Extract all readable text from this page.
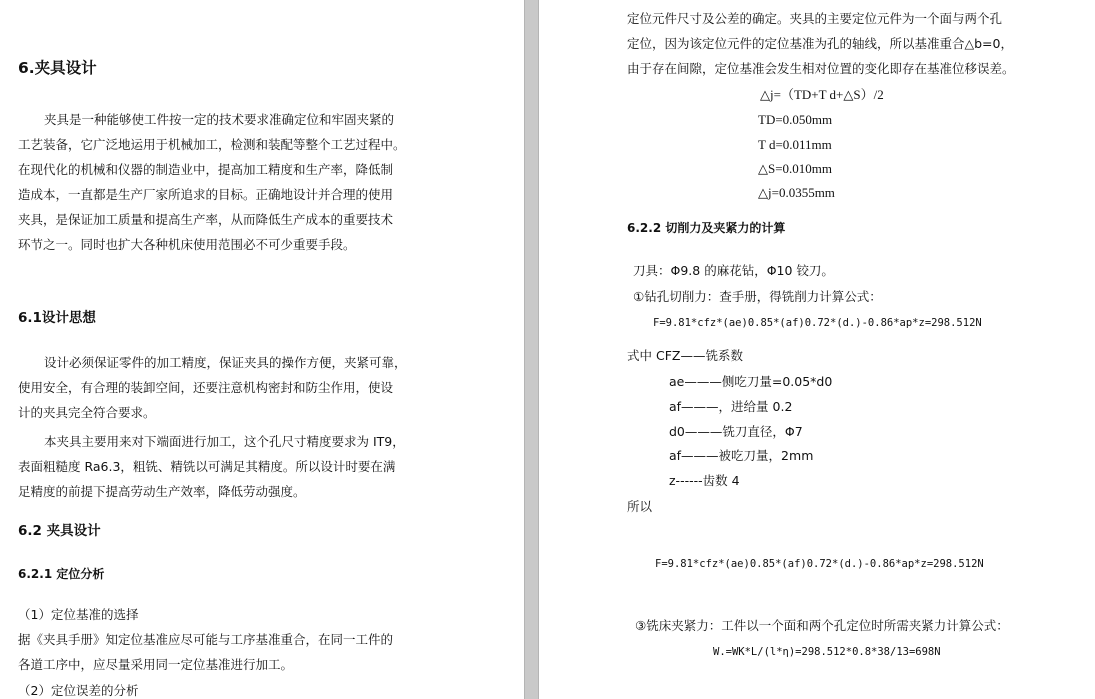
6.夹具设计
夹具是一种能够使工件按一定的技术要求准确定位和牢固夹紧的
工艺装备，它广泛地运用于机械加工，检测和装配等整个工艺过程中。
在现代化的机械和仪器的制造业中，提高加工精度和生产率，降低制
造成本，一直都是生产厂家所追求的目标。正确地设计并合理的使用
夹具，是保证加工质量和提高生产率，从而降低生产成本的重要技术
环节之一。同时也扩大各种机床使用范围必不可少重要手段。
6.1设计思想
设计必须保证零件的加工精度，保证夹具的操作方便，夹紧可靠，
使用安全，有合理的装卸空间，还要注意机构密封和防尘作用，使设
计的夹具完全符合要求。
本夹具主要用来对下端面进行加工，这个孔尺寸精度要求为 IT9，
表面粗糙度 Ra6.3，粗铣、精铣以可满足其精度。所以设计时要在满
足精度的前提下提高劳动生产效率，降低劳动强度。
6.2 夹具设计
6.2.1 定位分析
（1）定位基准的选择
据《夹具手册》知定位基准应尽可能与工序基准重合，在同一工件的
各道工序中，应尽量采用同一定位基准进行加工。
（2）定位误差的分析
定位元件尺寸及公差的确定。夹具的主要定位元件为一个面与两个孔
定位，因为该定位元件的定位基准为孔的轴线，所以基准重合△b=0，
由于存在间隙，定位基准会发生相对位置的变化即存在基准位移误差。
△j=（TD+T d+△S）/2
TD=0.050mm
T d=0.011mm
△S=0.010mm
△j=0.0355mm
6.2.2 切削力及夹紧力的计算
刀具：Φ9.8 的麻花钻，Φ10 铰刀。
①钻孔切削力：查手册，得铣削力计算公式：
F=9.81*cfz*(ae)0.85*(af)0.72*(d.)-0.86*ap*z=298.512N
式中 CFZ——铣系数
ae———侧吃刀量=0.05*d0
af———，进给量 0.2
d0———铣刀直径，Φ7
af———被吃刀量，2mm
z------齿数 4
所以
F=9.81*cfz*(ae)0.85*(af)0.72*(d.)-0.86*ap*z=298.512N
③铣床夹紧力：工件以一个面和两个孔定位时所需夹紧力计算公式：
W.=WK*L/(l*η)=298.512*0.8*38/13=698N
